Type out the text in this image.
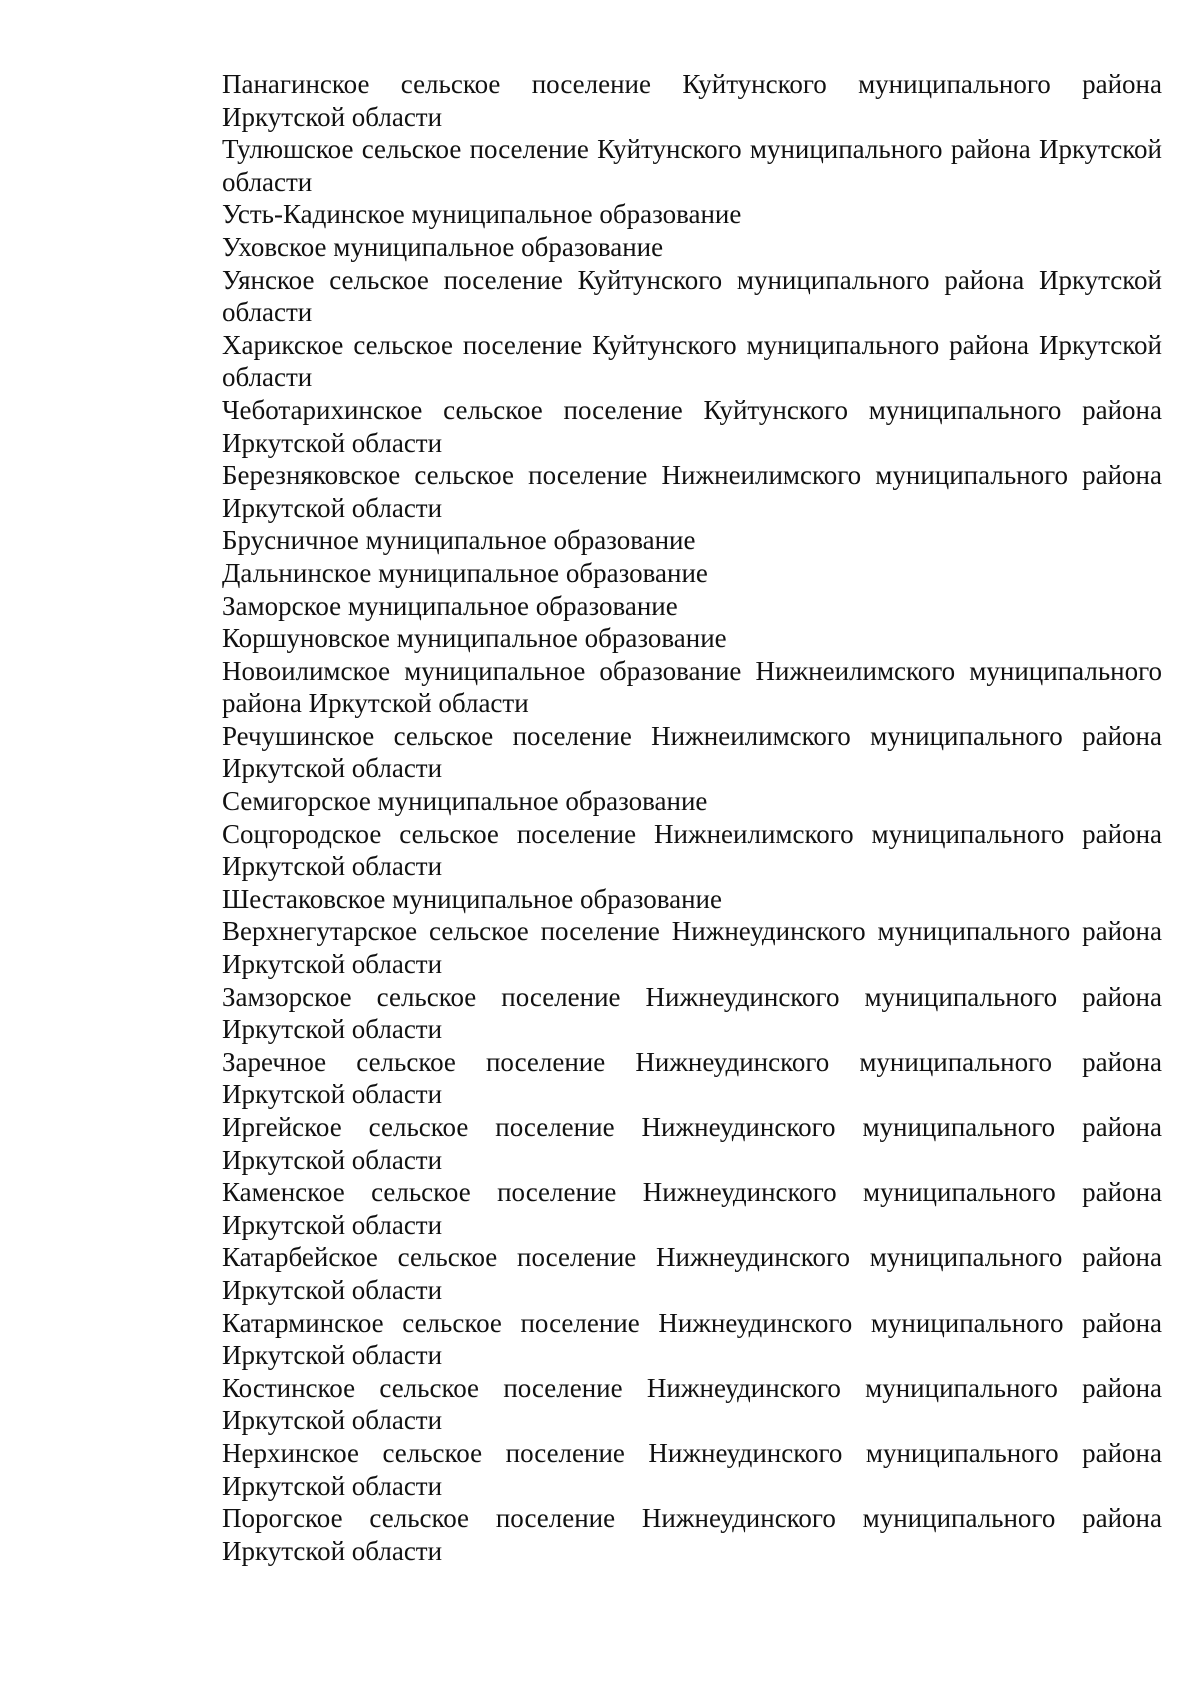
Панагинское сельское поселение Куйтунского муниципального района Иркутской области
Тулюшское сельское поселение Куйтунского муниципального района Иркутской области
Усть-Кадинское муниципальное образование
Уховское муниципальное образование
Уянское сельское поселение Куйтунского муниципального района Иркутской области
Харикское сельское поселение Куйтунского муниципального района Иркутской области
Чеботарихинское сельское поселение Куйтунского муниципального района Иркутской области
Березняковское сельское поселение Нижнеилимского муниципального района Иркутской области
Брусничное муниципальное образование
Дальнинское муниципальное образование
Заморское муниципальное образование
Коршуновское муниципальное образование
Новоилимское муниципальное образование Нижнеилимского муниципального района Иркутской области
Речушинское сельское поселение Нижнеилимского муниципального района Иркутской области
Семигорское муниципальное образование
Соцгородское сельское поселение Нижнеилимского муниципального района Иркутской области
Шестаковское муниципальное образование
Верхнегутарское сельское поселение Нижнеудинского муниципального района Иркутской области
Замзорское сельское поселение Нижнеудинского муниципального района Иркутской области
Заречное сельское поселение Нижнеудинского муниципального района Иркутской области
Иргейское сельское поселение Нижнеудинского муниципального района Иркутской области
Каменское сельское поселение Нижнеудинского муниципального района Иркутской области
Катарбейское сельское поселение Нижнеудинского муниципального района Иркутской области
Катарминское сельское поселение Нижнеудинского муниципального района Иркутской области
Костинское сельское поселение Нижнеудинского муниципального района Иркутской области
Нерхинское сельское поселение Нижнеудинского муниципального района Иркутской области
Порогское сельское поселение Нижнеудинского муниципального района Иркутской области
